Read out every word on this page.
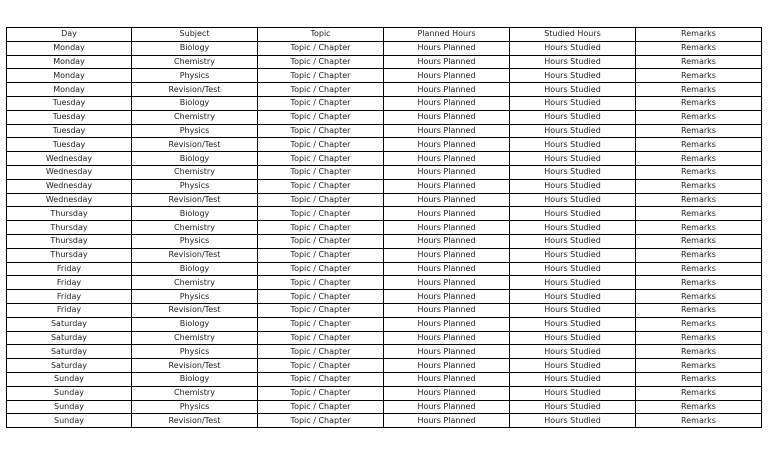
Day	Subject	Topic	Planned Hours	Studied Hours	Remarks
Monday	Biology	Topic / Chapter	Hours Planned	Hours Studied	Remarks
Monday	Chemistry	Topic / Chapter	Hours Planned	Hours Studied	Remarks
Monday	Physics	Topic / Chapter	Hours Planned	Hours Studied	Remarks
Monday	Revision/Test	Topic / Chapter	Hours Planned	Hours Studied	Remarks
Tuesday	Biology	Topic / Chapter	Hours Planned	Hours Studied	Remarks
Tuesday	Chemistry	Topic / Chapter	Hours Planned	Hours Studied	Remarks
Tuesday	Physics	Topic / Chapter	Hours Planned	Hours Studied	Remarks
Tuesday	Revision/Test	Topic / Chapter	Hours Planned	Hours Studied	Remarks
Wednesday	Biology	Topic / Chapter	Hours Planned	Hours Studied	Remarks
Wednesday	Chemistry	Topic / Chapter	Hours Planned	Hours Studied	Remarks
Wednesday	Physics	Topic / Chapter	Hours Planned	Hours Studied	Remarks
Wednesday	Revision/Test	Topic / Chapter	Hours Planned	Hours Studied	Remarks
Thursday	Biology	Topic / Chapter	Hours Planned	Hours Studied	Remarks
Thursday	Chemistry	Topic / Chapter	Hours Planned	Hours Studied	Remarks
Thursday	Physics	Topic / Chapter	Hours Planned	Hours Studied	Remarks
Thursday	Revision/Test	Topic / Chapter	Hours Planned	Hours Studied	Remarks
Friday	Biology	Topic / Chapter	Hours Planned	Hours Studied	Remarks
Friday	Chemistry	Topic / Chapter	Hours Planned	Hours Studied	Remarks
Friday	Physics	Topic / Chapter	Hours Planned	Hours Studied	Remarks
Friday	Revision/Test	Topic / Chapter	Hours Planned	Hours Studied	Remarks
Saturday	Biology	Topic / Chapter	Hours Planned	Hours Studied	Remarks
Saturday	Chemistry	Topic / Chapter	Hours Planned	Hours Studied	Remarks
Saturday	Physics	Topic / Chapter	Hours Planned	Hours Studied	Remarks
Saturday	Revision/Test	Topic / Chapter	Hours Planned	Hours Studied	Remarks
Sunday	Biology	Topic / Chapter	Hours Planned	Hours Studied	Remarks
Sunday	Chemistry	Topic / Chapter	Hours Planned	Hours Studied	Remarks
Sunday	Physics	Topic / Chapter	Hours Planned	Hours Studied	Remarks
Sunday	Revision/Test	Topic / Chapter	Hours Planned	Hours Studied	Remarks
